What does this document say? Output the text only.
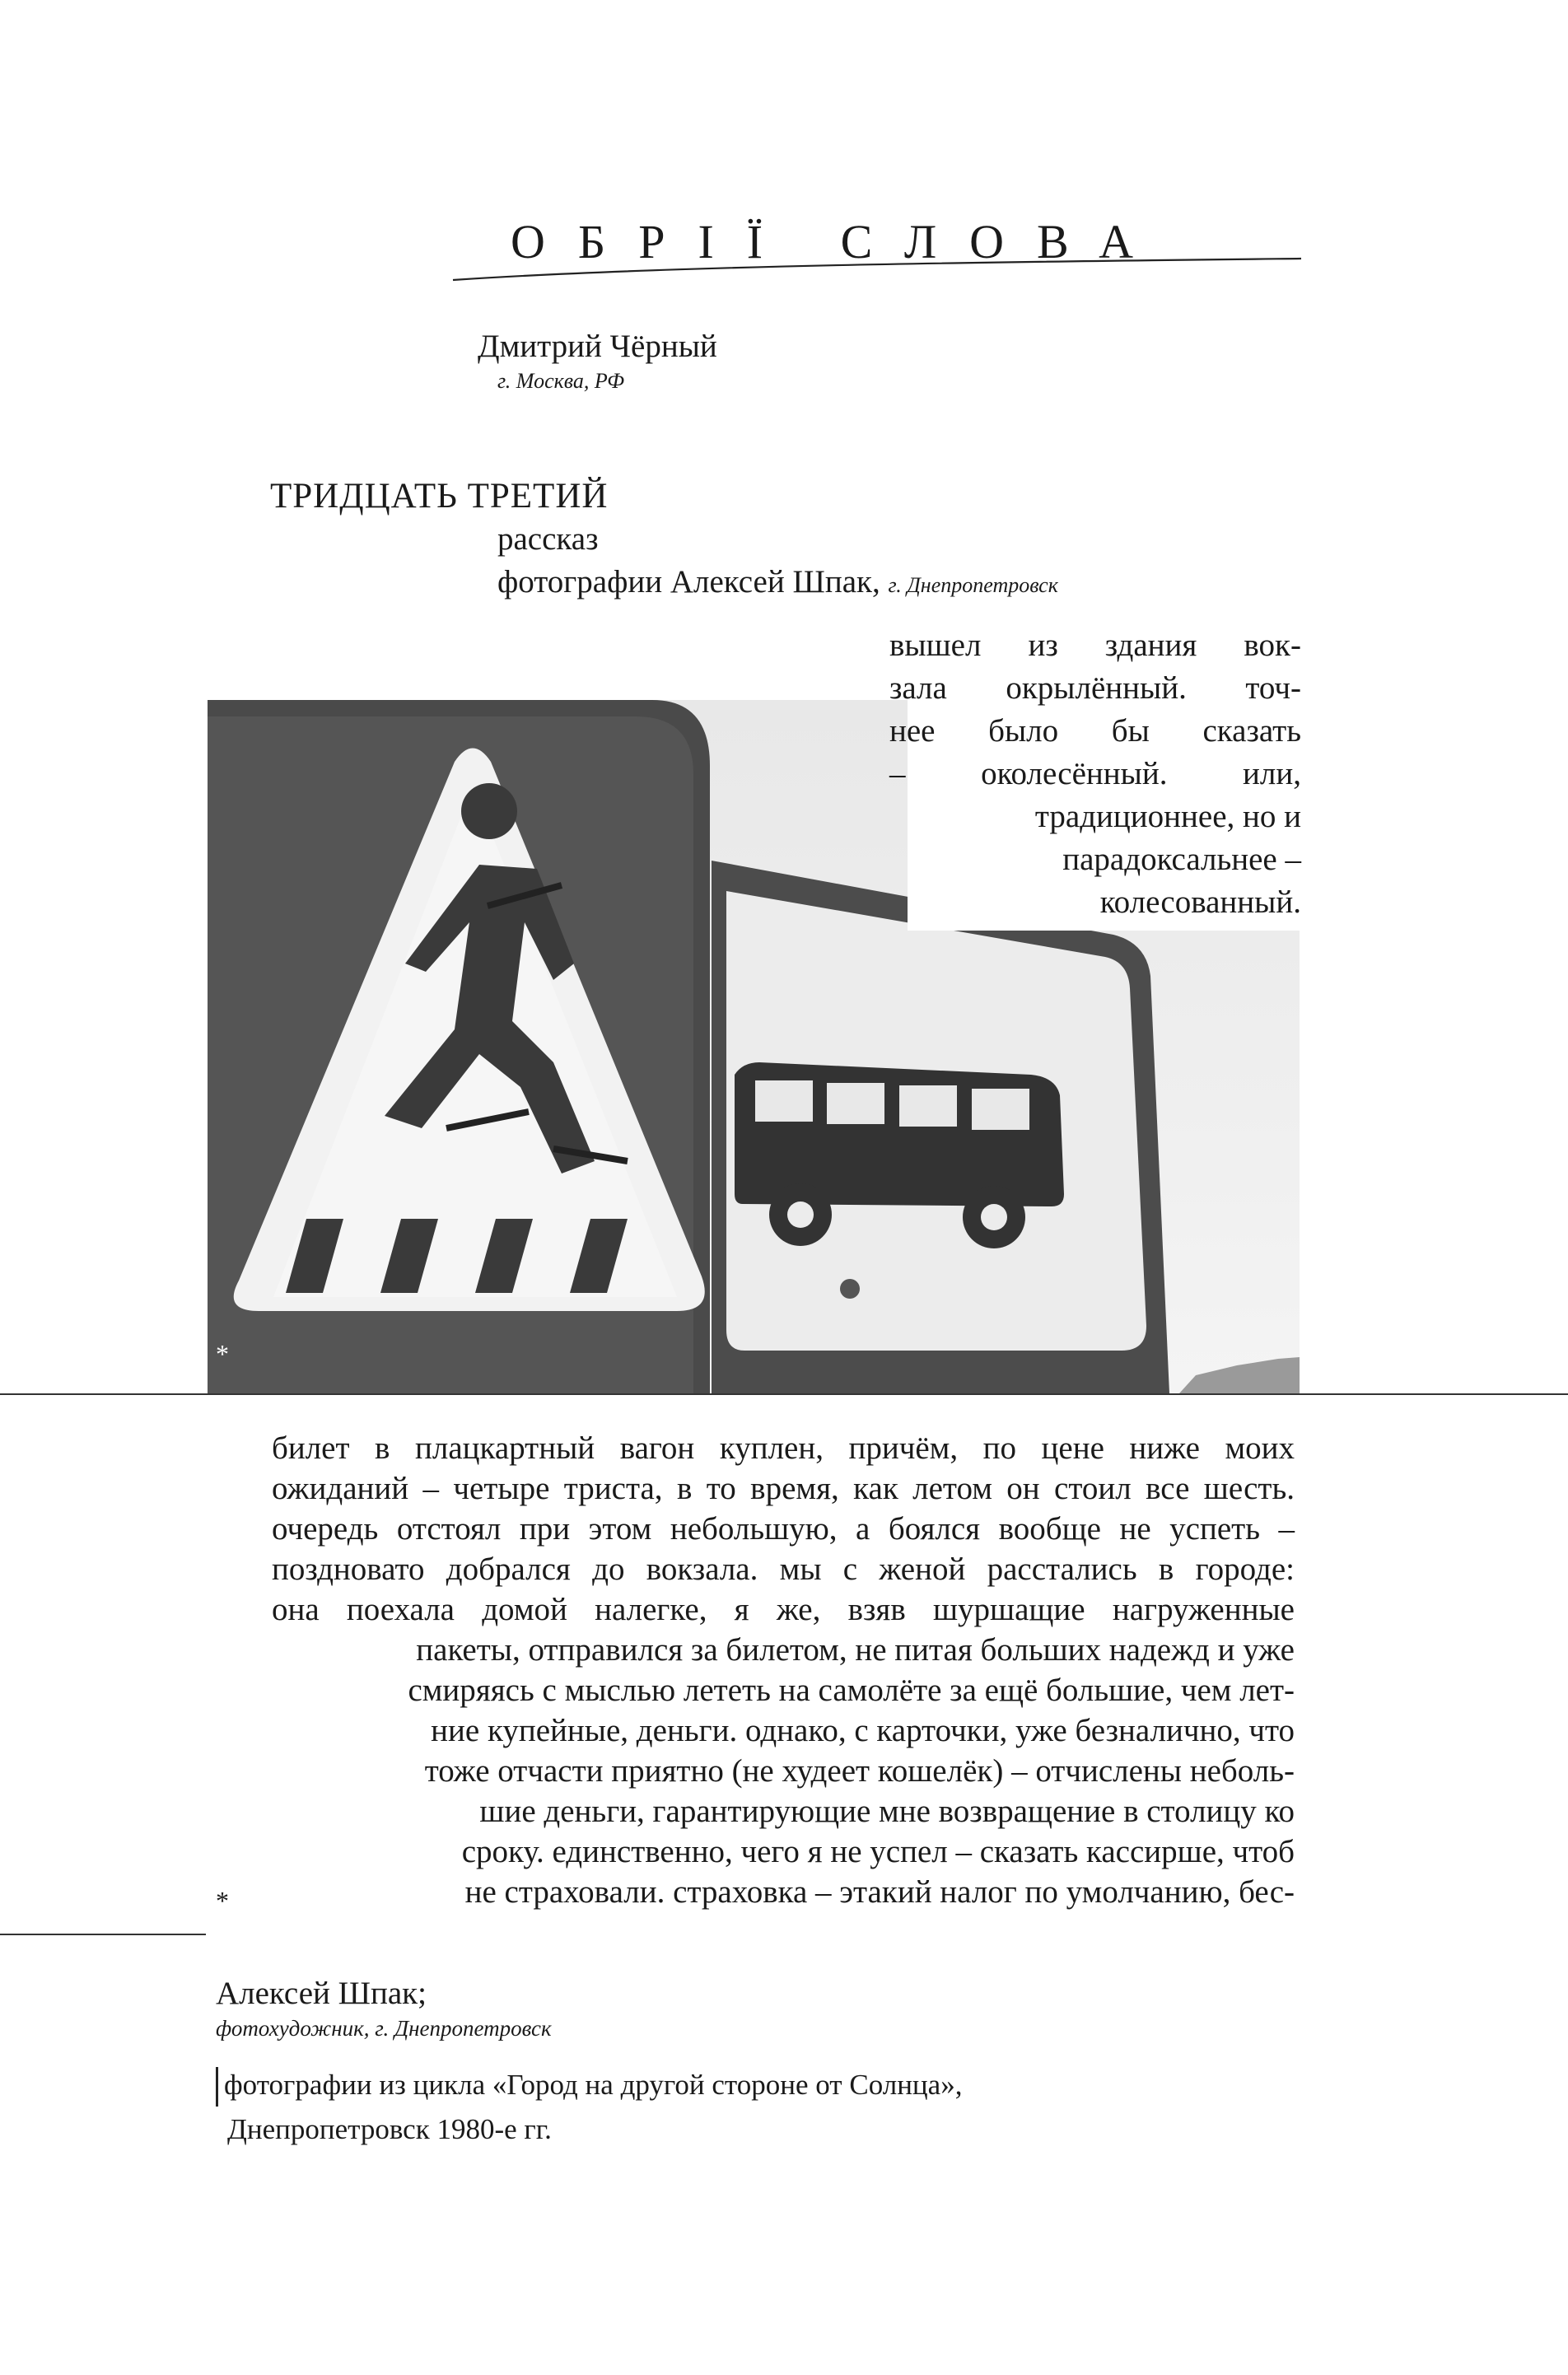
ОБРІЇ СЛОВА
Дмитрий Чёрный
г. Москва, РФ
ТРИДЦАТЬ ТРЕТИЙ
рассказ
фотографии Алексей Шпак, г. Днепропетровск
*
вышел из здания вок-
зала окрылённый. точ-
нее было бы сказать
– околесённый. или,
традиционнее, но и
парадоксальнее –
колесованный.
билет в плацкартный вагон куплен, причём, по цене ниже моих
ожиданий – четыре триста, в то время, как летом он стоил все шесть.
очередь отстоял при этом небольшую, а боялся вообще не успеть –
поздновато добрался до вокзала. мы с женой расстались в городе:
она поехала домой налегке, я же, взяв шуршащие нагруженные
пакеты, отправился за билетом, не питая больших надежд и уже
смиряясь с мыслью лететь на самолёте за ещё большие, чем лет-
ние купейные, деньги. однако, с карточки, уже безналично, что
тоже отчасти приятно (не худеет кошелёк) – отчислены неболь-
шие деньги, гарантирующие мне возвращение в столицу ко
сроку. единственно, чего я не успел – сказать кассирше, чтоб
не страховали. страховка – этакий налог по умолчанию, бес-
*
Алексей Шпак;
фотохудожник, г. Днепропетровск
фотографии из цикла «Город на другой стороне от Солнца»,
Днепропетровск 1980-е гг.
